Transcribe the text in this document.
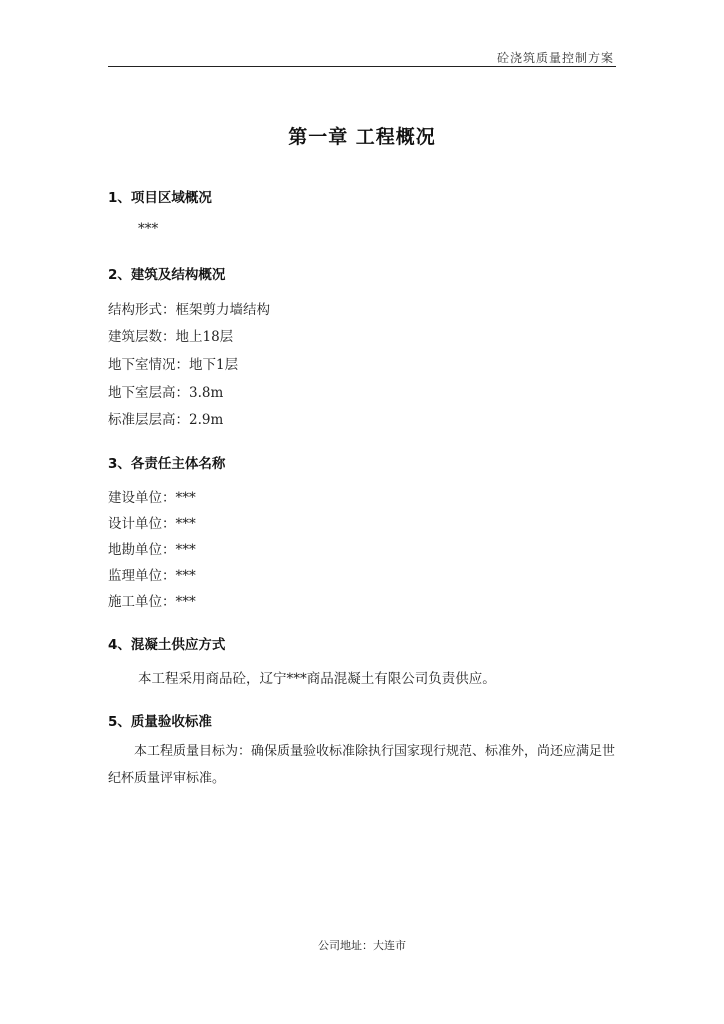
砼浇筑质量控制方案
第一章 工程概况
1、项目区域概况
***
2、建筑及结构概况
结构形式：框架剪力墙结构
建筑层数：地上18层
地下室情况：地下1层
地下室层高：3.8m
标准层层高：2.9m
3、各责任主体名称
建设单位：***
设计单位：***
地勘单位：***
监理单位：***
施工单位：***
4、混凝土供应方式
本工程采用商品砼，辽宁***商品混凝土有限公司负责供应。
5、质量验收标准
本工程质量目标为：确保质量验收标准除执行国家现行规范、标准外，尚还应满足世纪杯质量评审标准。
公司地址：大连市
